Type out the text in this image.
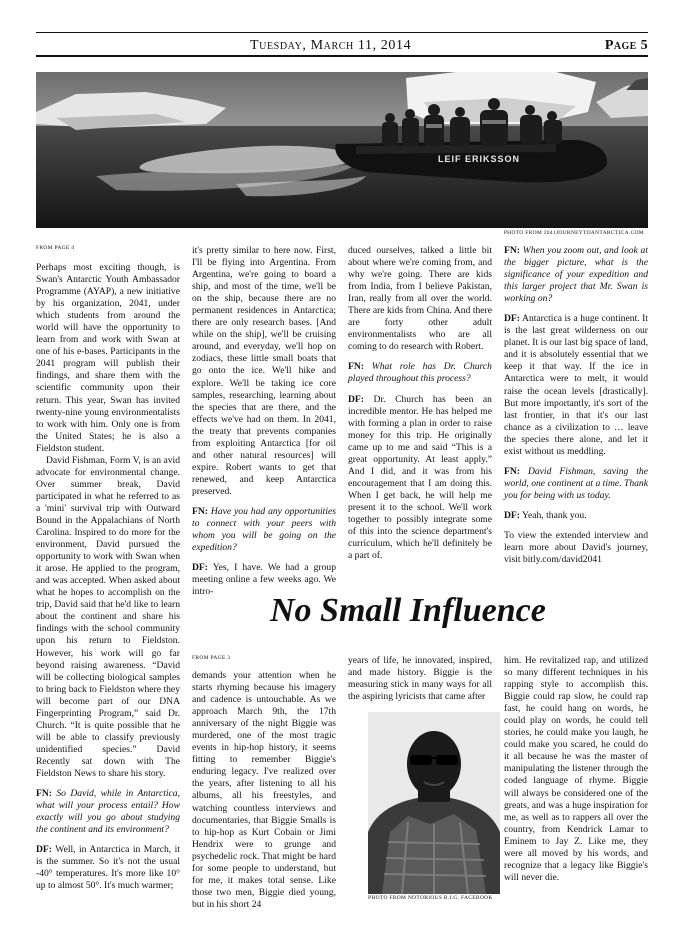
Tuesday, March 11, 2014	Page 5
LEIF ERIKSSON
PHOTO FROM 2041JOURNEYTOANTARCTICA.COM
FROM PAGE 4

Perhaps most exciting though, is Swan's Antarctic Youth Ambassador Programme (AYAP), a new initiative by his organization, 2041, under which students from around the world will have the opportunity to learn from and work with Swan at one of his e-bases. Participants in the 2041 program will publish their findings, and share them with the scientific community upon their return. This year, Swan has invited twenty-nine young environmentalists to work with him. Only one is from the United States; he is also a Fieldston student.

David Fishman, Form V, is an avid advocate for environmental change. Over summer break, David participated in what he referred to as a 'mini' survival trip with Outward Bound in the Appalachians of North Carolina. Inspired to do more for the environment, David pursued the opportunity to work with Swan when it arose. He applied to the program, and was accepted. When asked about what he hopes to accomplish on the trip, David said that he'd like to learn about the continent and share his findings with the school community upon his return to Fieldston. However, his work will go far beyond raising awareness. “David will be collecting biological samples to bring back to Fieldston where they will become part of our DNA Fingerprinting Program,” said Dr. Church. “It is quite possible that he will be able to classify previously unidentified species.” David Recently sat down with The Fieldston News to share his story.

FN: So David, while in Antarctica, what will your process entail? How exactly will you go about studying the continent and its environment?

DF: Well, in Antarctica in March, it is the summer. So it's not the usual -40° temperatures. It's more like 10° up to almost 50°. It's much warmer;

it's pretty similar to here now. First, I'll be flying into Argentina. From Argentina, we're going to board a ship, and most of the time, we'll be on the ship, because there are no permanent residences in Antarctica; there are only research bases. [And while on the ship], we'll be cruising around, and everyday, we'll hop on zodiacs, these little small boats that go onto the ice. We'll hike and explore. We'll be taking ice core samples, researching, learning about the species that are there, and the effects we've had on them. In 2041, the treaty that prevents companies from exploiting Antarctica [for oil and other natural resources] will expire. Robert wants to get that renewed, and keep Antarctica preserved.

FN: Have you had any opportunities to connect with your peers with whom you will be going on the expedition?

DF: Yes, I have. We had a group meeting online a few weeks ago. We intro-

duced ourselves, talked a little bit about where we're coming from, and why we're going. There are kids from India, from I believe Pakistan, Iran, really from all over the world. There are kids from China. And there are forty other adult environmentalists who are all coming to do research with Robert.

FN: What role has Dr. Church played throughout this process?

DF: Dr. Church has been an incredible mentor. He has helped me with forming a plan in order to raise money for this trip. He originally came up to me and said “This is a great opportunity. At least apply.” And I did, and it was from his encouragement that I am doing this. When I get back, he will help me present it to the school. We'll work together to possibly integrate some of this into the science department's curriculum, which he'll definitely be a part of.

FN: When you zoom out, and look at the bigger picture, what is the significance of your expedition and this larger project that Mr. Swan is working on?

DF: Antarctica is a huge continent. It is the last great wilderness on our planet. It is our last big space of land, and it is absolutely essential that we keep it that way. If the ice in Antarctica were to melt, it would raise the ocean levels [drastically]. But more importantly, it's sort of the last frontier, in that it's our last chance as a civilization to … leave the species there alone, and let it exist without us meddling.

FN: David Fishman, saving the world, one continent at a time. Thank you for being with us today.

DF: Yeah, thank you.

To view the extended interview and learn more about David's journey, visit bitly.com/david2041

No Small Influence
FROM PAGE 3

demands your attention when he starts rhyming because his imagery and cadence is untouchable. As we approach March 9th, the 17th anniversary of the night Biggie was murdered, one of the most tragic events in hip-hop history, it seems fitting to remember Biggie's enduring legacy. I've realized over the years, after listening to all his albums, all his freestyles, and watching countless interviews and documentaries, that Biggie Smalls is to hip-hop as Kurt Cobain or Jimi Hendrix were to grunge and psychedelic rock. That might be hard for some people to understand, but for me, it makes total sense. Like those two men, Biggie died young, but in his short 24

years of life, he innovated, inspired, and made history. Biggie is the measuring stick in many ways for all the aspiring lyricists that came after

PHOTO FROM NOTORIOUS B.I.G. FACEBOOK

him. He revitalized rap, and utilized so many different techniques in his rapping style to accomplish this. Biggie could rap slow, he could rap fast, he could hang on words, he could play on words, he could tell stories, he could make you laugh, he could make you scared, he could do it all because he was the master of manipulating the listener through the coded language of rhyme. Biggie will always be considered one of the greats, and was a huge inspiration for me, as well as to rappers all over the country, from Kendrick Lamar to Eminem to Jay Z. Like me, they were all moved by his words, and recognize that a legacy like Biggie's will never die.
